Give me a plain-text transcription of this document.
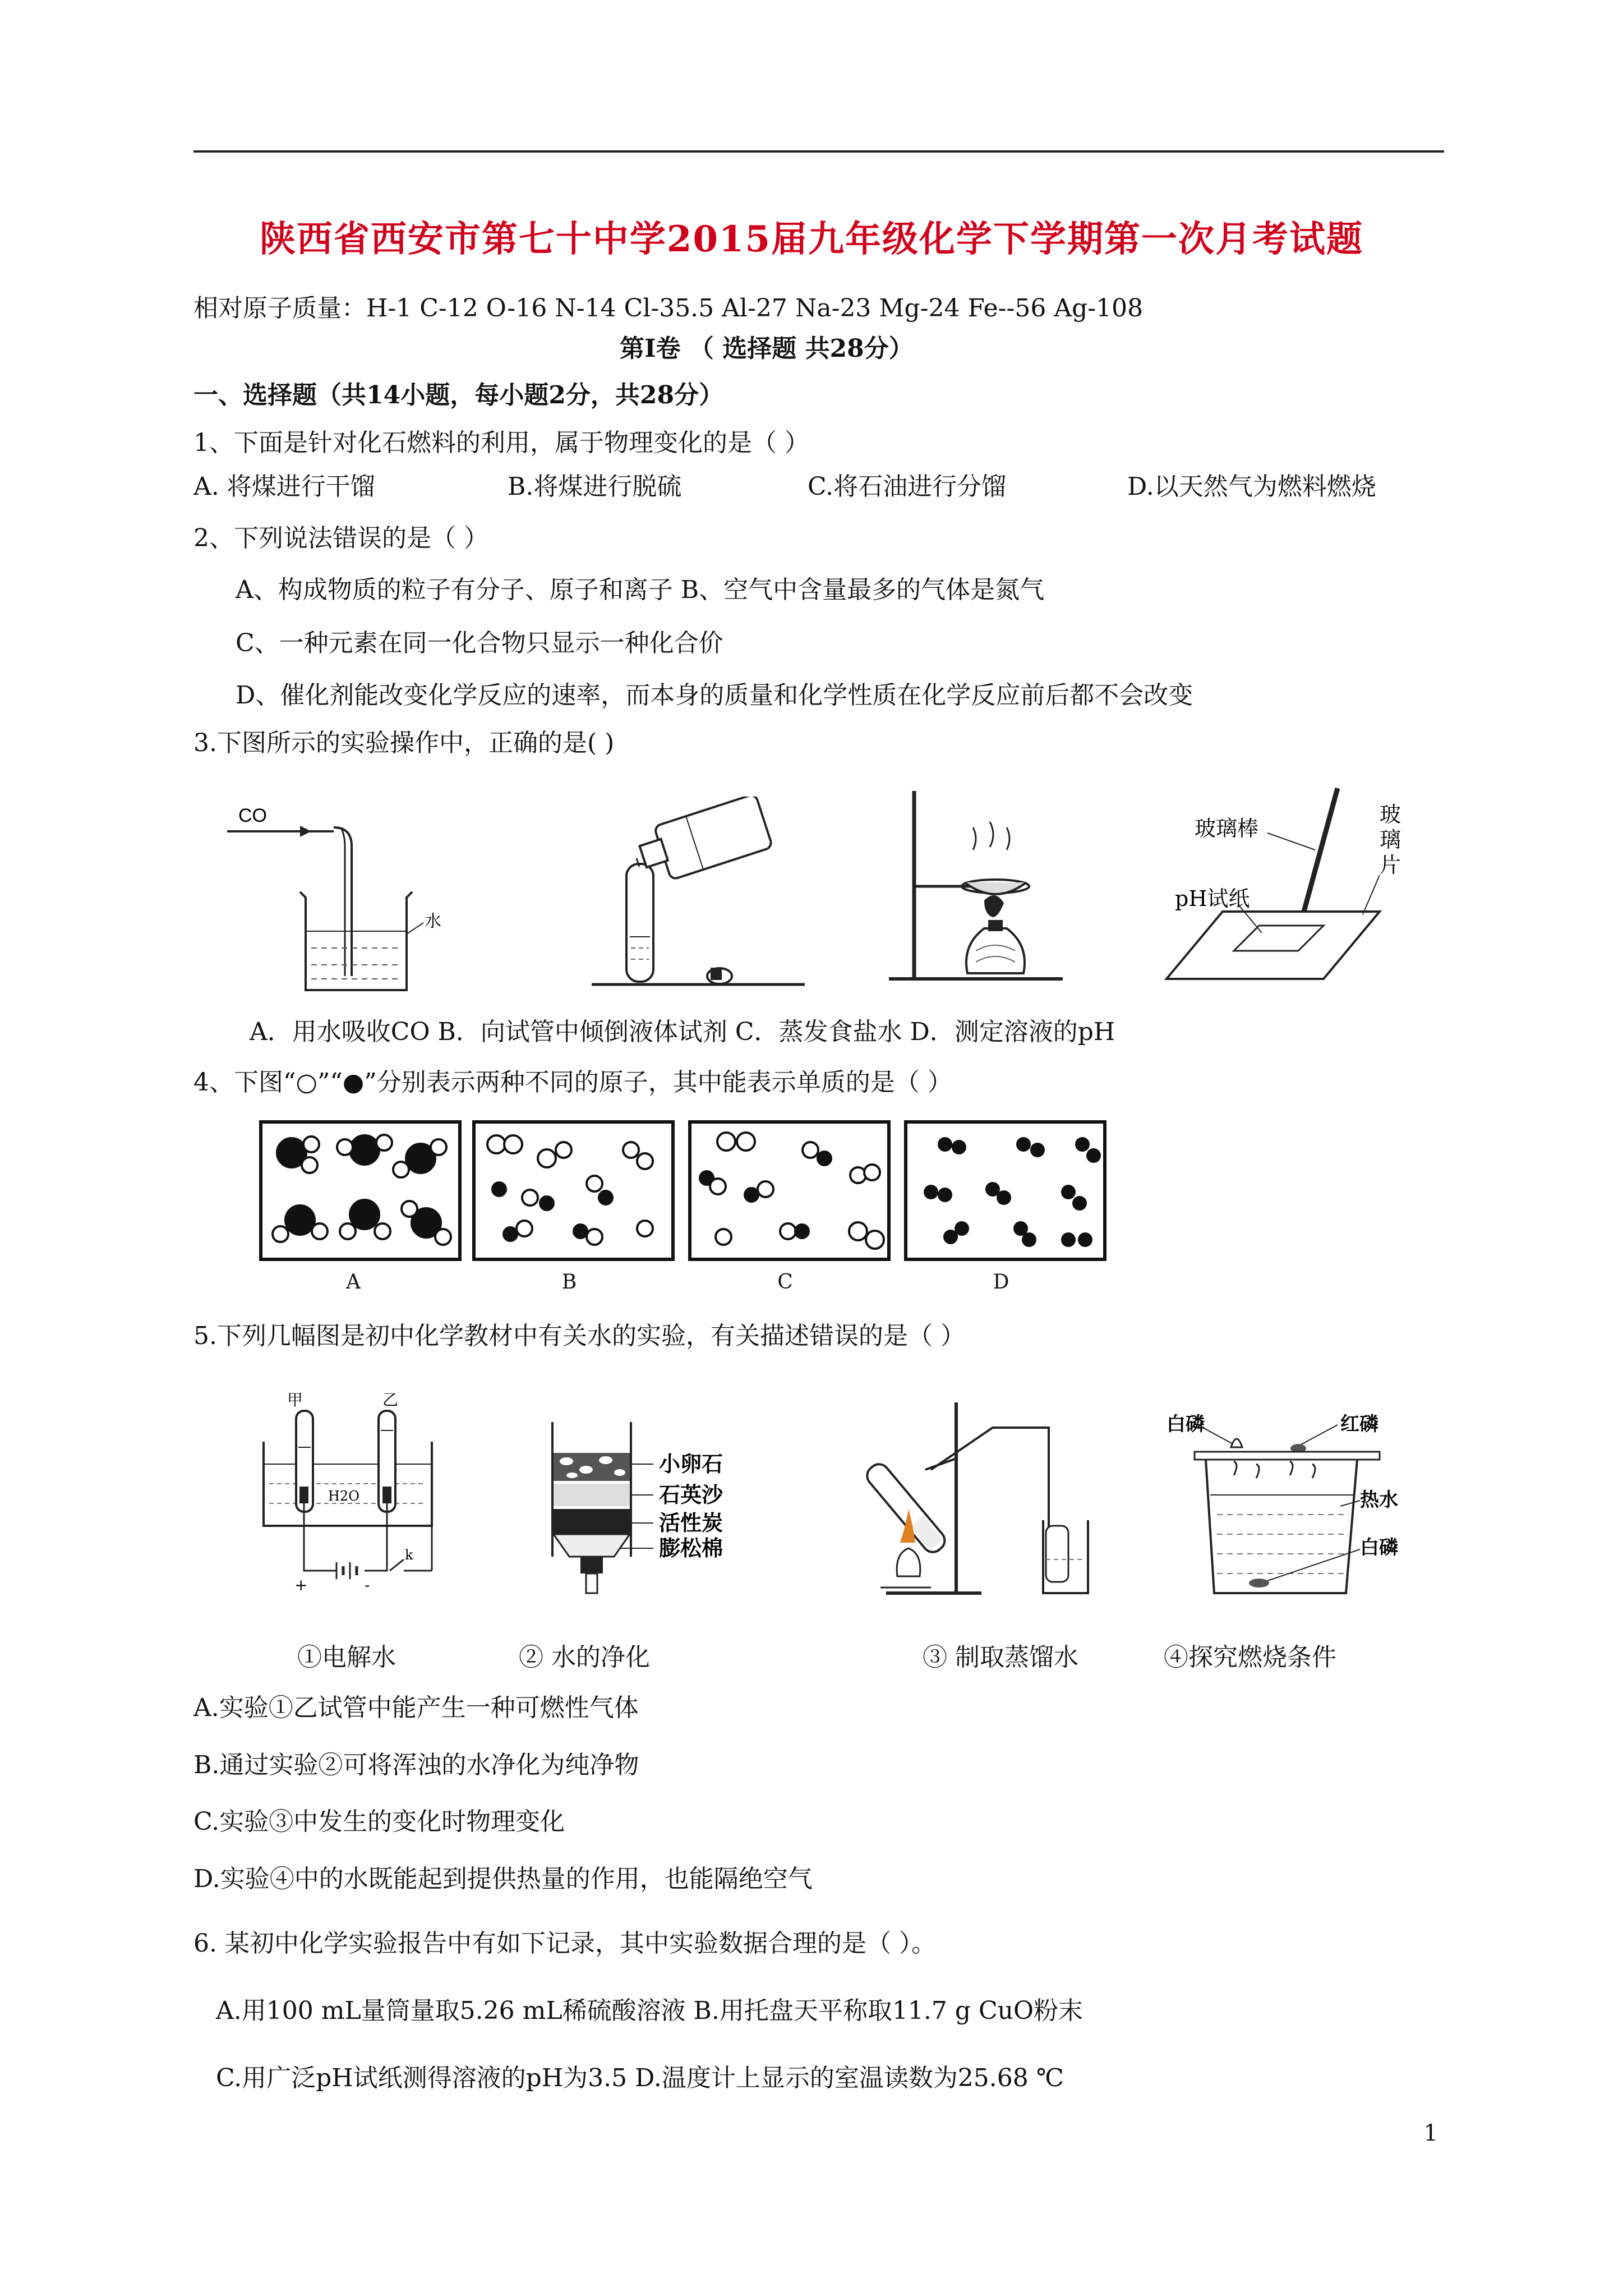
陕西省西安市第七十中学2015届九年级化学下学期第一次月考试题
相对原子质量：H-1 C-12 O-16 N-14 Cl-35.5 Al-27 Na-23 Mg-24 Fe--56 Ag-108
第Ⅰ卷 （ 选择题 共28分）
一、选择题（共14小题，每小题2分，共28分）
1、下面是针对化石燃料的利用，属于物理变化的是（ ）
A. 将煤进行干馏	B.将煤进行脱硫	C.将石油进行分馏	D.以天然气为燃料燃烧
2、下列说法错误的是（ ）
A、构成物质的粒子有分子、原子和离子 B、空气中含量最多的气体是氮气
C、一种元素在同一化合物只显示一种化合价
D、催化剂能改变化学反应的速率，而本身的质量和化学性质在化学反应前后都不会改变
3.下图所示的实验操作中，正确的是( )
CO
水
玻璃棒
玻
璃
片
pH试纸
A．用水吸收CO B．向试管中倾倒液体试剂 C．蒸发食盐水 D．测定溶液的pH
4、下图“○”“●”分别表示两种不同的原子，其中能表示单质的是（ ）
A	B	C	D
5.下列几幅图是初中化学教材中有关水的实验，有关描述错误的是（ ）
甲	乙
H2O
+	-
k
小卵石
石英沙
活性炭
膨松棉
白磷	红磷
热水
白磷
①电解水	② 水的净化	③ 制取蒸馏水	④探究燃烧条件
A.实验①乙试管中能产生一种可燃性气体
B.通过实验②可将浑浊的水净化为纯净物
C.实验③中发生的变化时物理变化
D.实验④中的水既能起到提供热量的作用，也能隔绝空气
6. 某初中化学实验报告中有如下记录，其中实验数据合理的是（ ）。
A.用100 mL量筒量取5.26 mL稀硫酸溶液 B.用托盘天平称取11.7 g CuO粉末
C.用广泛pH试纸测得溶液的pH为3.5 D.温度计上显示的室温读数为25.68 ℃
1
